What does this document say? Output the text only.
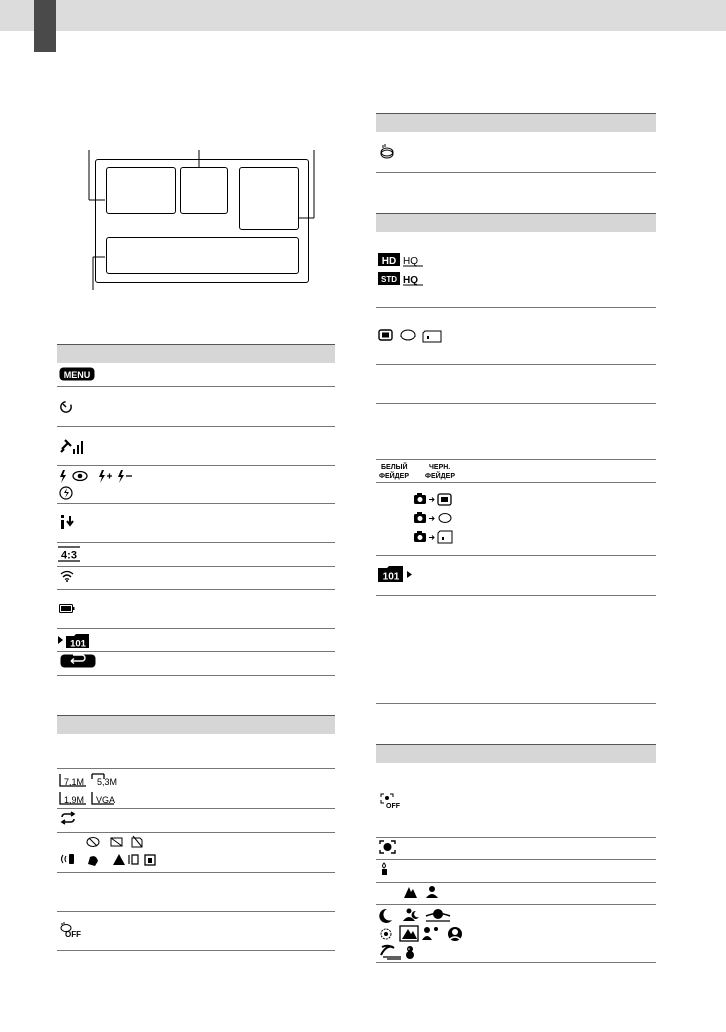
MENU
4:3
101
7,1M 5,3M
1,9M VGA
OFF
HD HQ
STD HQ
БЕЛЫЙ
ФЕЙДЕР
ЧЕРН.
ФЕЙДЕР
101
OFF
